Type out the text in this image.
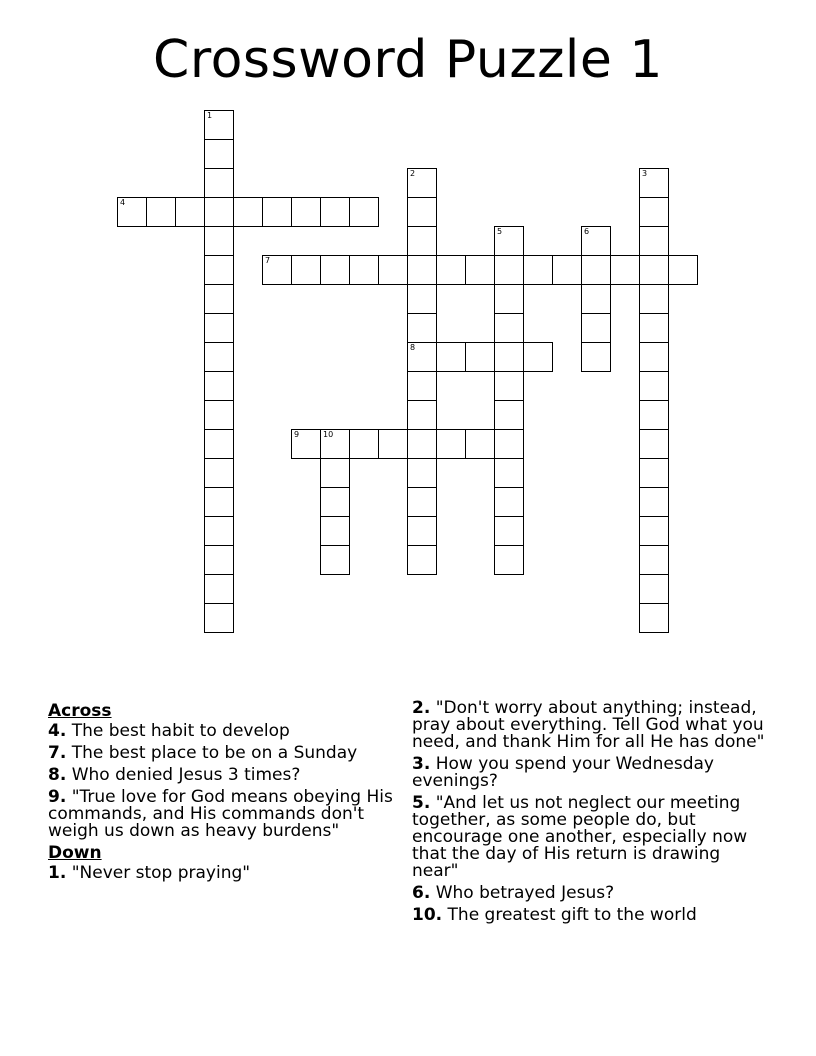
Crossword Puzzle 1
1
2
8
3
4
5	6
7
9	10
Across
4. The best habit to develop
7. The best place to be on a Sunday
8. Who denied Jesus 3 times?
9. "True love for God means obeying His commands, and His commands don't weigh us down as heavy burdens"
Down
1. "Never stop praying"
2. "Don't worry about anything; instead, pray about everything. Tell God what you need, and thank Him for all He has done"
3. How you spend your Wednesday evenings?
5. "And let us not neglect our meeting together, as some people do, but encourage one another, especially now that the day of His return is drawing near"
6. Who betrayed Jesus?
10. The greatest gift to the world
